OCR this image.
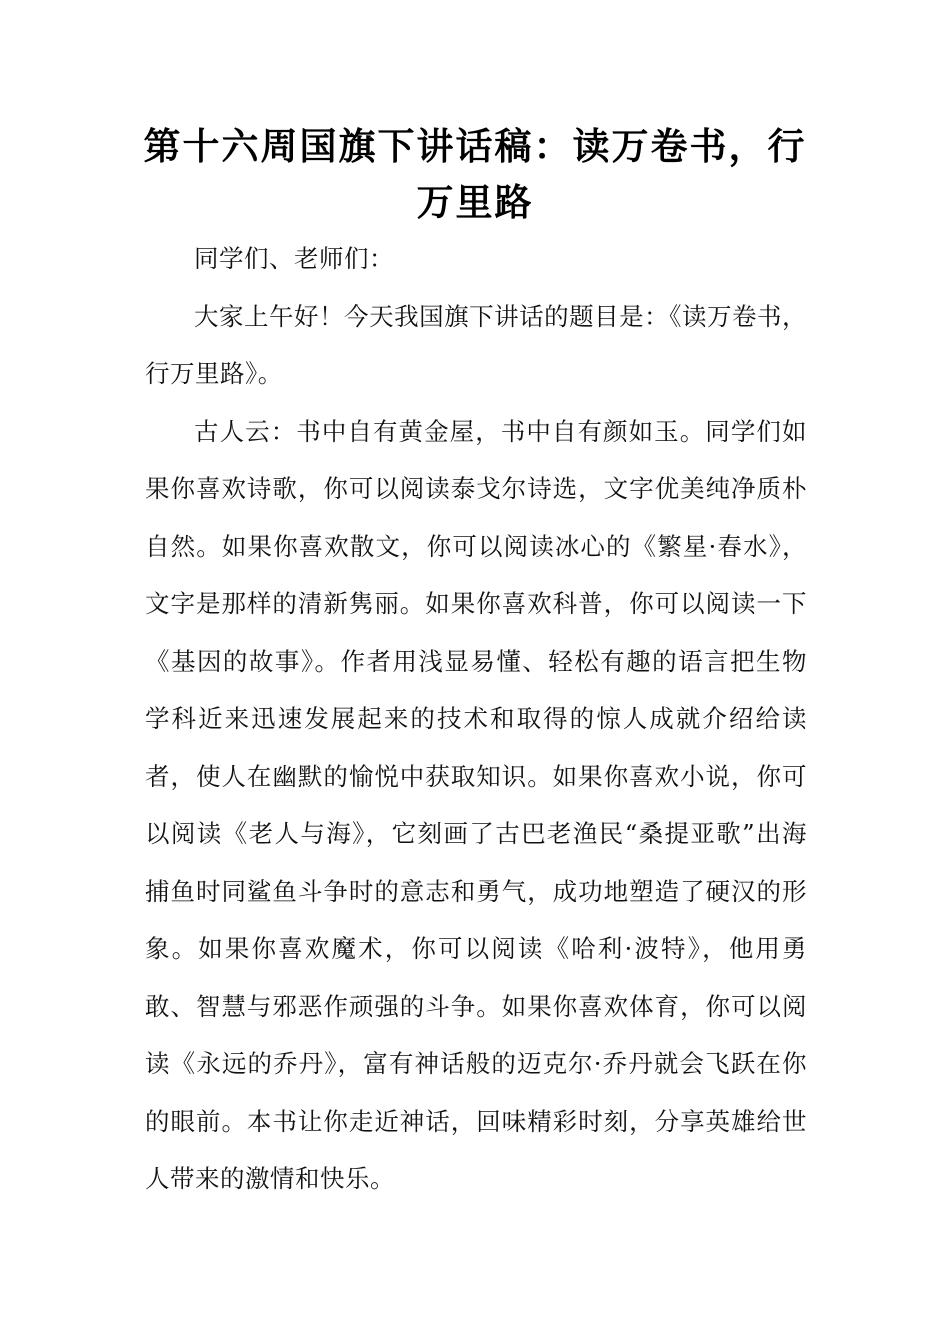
第十六周国旗下讲话稿：读万卷书，行万里路

同学们、老师们：

大家上午好！今天我国旗下讲话的题目是：《读万卷书，行万里路》。

古人云：书中自有黄金屋，书中自有颜如玉。同学们如果你喜欢诗歌，你可以阅读泰戈尔诗选，文字优美纯净质朴自然。如果你喜欢散文，你可以阅读冰心的《繁星·春水》，文字是那样的清新隽丽。如果你喜欢科普，你可以阅读一下《基因的故事》。作者用浅显易懂、轻松有趣的语言把生物学科近来迅速发展起来的技术和取得的惊人成就介绍给读者，使人在幽默的愉悦中获取知识。如果你喜欢小说，你可以阅读《老人与海》，它刻画了古巴老渔民“桑提亚歌”出海捕鱼时同鲨鱼斗争时的意志和勇气，成功地塑造了硬汉的形象。如果你喜欢魔术，你可以阅读《哈利·波特》，他用勇敢、智慧与邪恶作顽强的斗争。如果你喜欢体育，你可以阅读《永远的乔丹》，富有神话般的迈克尔·乔丹就会飞跃在你的眼前。本书让你走近神话，回味精彩时刻，分享英雄给世人带来的激情和快乐。
